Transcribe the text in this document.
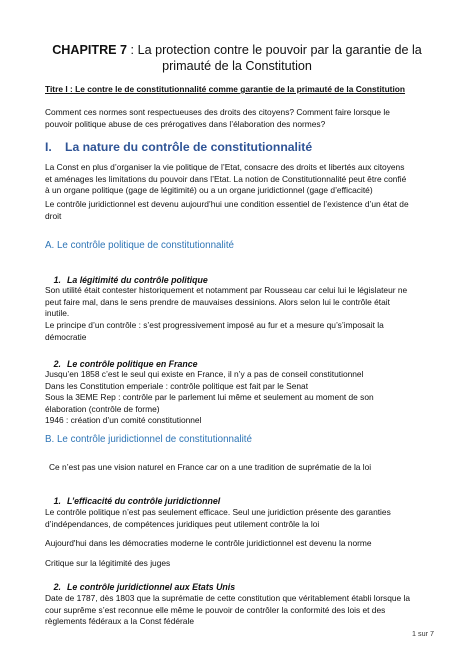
CHAPITRE 7 : La protection contre le pouvoir par la garantie de la
primauté de la Constitution
Titre I : Le contre le de constitutionnalité comme garantie de la primauté de la Constitution
Comment ces normes sont respectueuses des droits des citoyens? Comment faire lorsque le
pouvoir politique abuse de ces prérogatives dans l’élaboration des normes?
I. La nature du contrôle de constitutionnalité
La Const en plus d’organiser la vie politique de l’Etat, consacre des droits et libertés aux citoyens
et aménages les limitations du pouvoir dans l’Etat. La notion de Constitutionnalité peut être confié
à un organe politique (gage de légitimité) ou a un organe juridictionnel (gage d’efficacité)
Le contrôle juridictionnel est devenu aujourd’hui une condition essentiel de l’existence d’un état de
droit
A. Le contrôle politique de constitutionnalité
1. La légitimité du contrôle politique
Son utilité était contester historiquement et notamment par Rousseau car celui lui le législateur ne
peut faire mal, dans le sens prendre de mauvaises dessinions. Alors selon lui le contrôle était
inutile.
Le principe d’un contrôle : s’est progressivement imposé au fur et a mesure qu’s’imposait la
démocratie
2. Le contrôle politique en France
Jusqu’en 1858 c’est le seul qui existe en France, il n’y a pas de conseil constitutionnel
Dans les Constitution emperiale : contrôle politique est fait par le Senat
Sous la 3EME Rep : contrôle par le parlement lui même et seulement au moment de son
élaboration (contrôle de forme)
1946 : création d’un comité constitutionnel
B. Le contrôle juridictionnel de constitutionnalité
Ce n’est pas une vision naturel en France car on a une tradition de suprématie de la loi
1. L’efficacité du contrôle juridictionnel
Le contrôle politique n’est pas seulement efficace. Seul une juridiction présente des garanties
d’indépendances, de compétences juridiques peut utilement contrôle la loi
Aujourd'hui dans les démocraties moderne le contrôle juridictionnel est devenu la norme
Critique sur la légitimité des juges
2. Le contrôle juridictionnel aux Etats Unis
Date de 1787, dès 1803 que la suprématie de cette constitution que véritablement établi lorsque la
cour suprême s’est reconnue elle même le pouvoir de contrôler la conformité des lois et des
règlements fédéraux a la Const fédérale
1 sur 7
